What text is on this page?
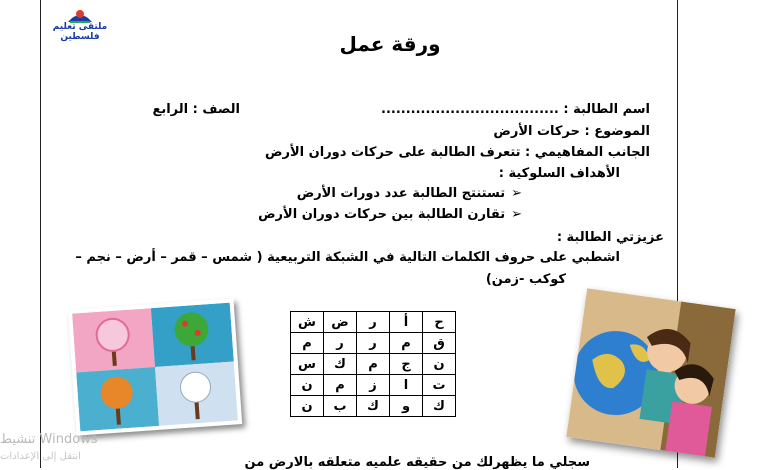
ملتقى تعليم فلسطين	ورقة عمل
اسم الطالبة : ....................................
الصف : الرابع
الموضوع : حركات الأرض
الجانب المفاهيمي : تتعرف الطالبة على حركات دوران الأرض
الأهداف السلوكية :
➢تستنتج الطالبة عدد دورات الأرض
➢تقارن الطالبة بين حركات دوران الأرض
عزيزتي الطالبة :
اشطبي على حروف الكلمات التالية في الشبكة التربيعية ( شمس – قمر – أرض – نجم –
كوكب -زمن)
ح	أ	ر	ض	ش
ق	م	ر	ر	م
ن	ج	م	ك	س
ت	ا	ز	م	ن
ك	و	ك	ب	ن
سجلي ما يظهرلك من حقيقه علميه متعلقه بالارض من
تنشيط Windows
انتقل إلى الإعدادات
